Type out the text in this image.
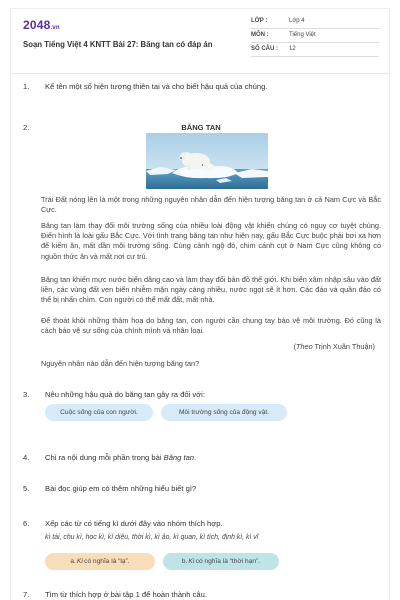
2048.vn
Soạn Tiếng Việt 4 KNTT Bài 27: Băng tan có đáp án
LỚP :	Lớp 4
MÔN :	Tiếng Việt
SỐ CÂU :	12
1.	Kể tên một số hiện tượng thiên tai và cho biết hậu quả của chúng.
2.	BĂNG TAN
Trái Đất nóng lên là một trong những nguyên nhân dẫn đến hiện tượng băng tan ở cả Nam Cực và Bắc Cực.
Băng tan làm thay đổi môi trường sống của nhiều loài động vật khiến chúng có nguy cơ tuyệt chủng. Điển hình là loài gấu Bắc Cực. Với tình trạng băng tan như hiện nay, gấu Bắc Cực buộc phải bơi xa hơn để kiếm ăn, mất dần môi trường sống. Cùng cảnh ngộ đó, chim cánh cụt ở Nam Cực cũng không có nguồn thức ăn và mất nơi cư trú.
Băng tan khiến mực nước biển dâng cao và làm thay đổi bản đồ thế giới. Khi biển xâm nhập sâu vào đất liền, các vùng đất ven biển nhiễm mặn ngày càng nhiều, nước ngọt sẽ ít hơn. Các đảo và quần đảo có thể bị nhấn chìm. Con người có thể mất đất, mất nhà.
Để thoát khỏi những thảm hoạ do băng tan, con người cần chung tay bảo vệ môi trường. Đó cũng là cách bảo vệ sự sống của chính mình và nhân loại.
(Theo Trịnh Xuân Thuận)
Nguyên nhân nào dẫn đến hiện tượng băng tan?
3.	Nêu những hậu quả do băng tan gây ra đối với:
Cuộc sống của con người.	Môi trường sống của động vật.
4.	Chỉ ra nội dung mỗi phần trong bài Băng tan.
5.	Bài đọc giúp em có thêm những hiểu biết gì?
6.	Xếp các từ có tiếng kì dưới đây vào nhóm thích hợp.
kì tài, chu kì, học kì, kì diệu, thời kì, kì ảo, kì quan, kì tích, định kì, kì vĩ
a. Kì có nghĩa là “lạ”.	b. Kì có nghĩa là “thời hạn”.
7.	Tìm từ thích hợp ở bài tập 1 để hoàn thành câu.
